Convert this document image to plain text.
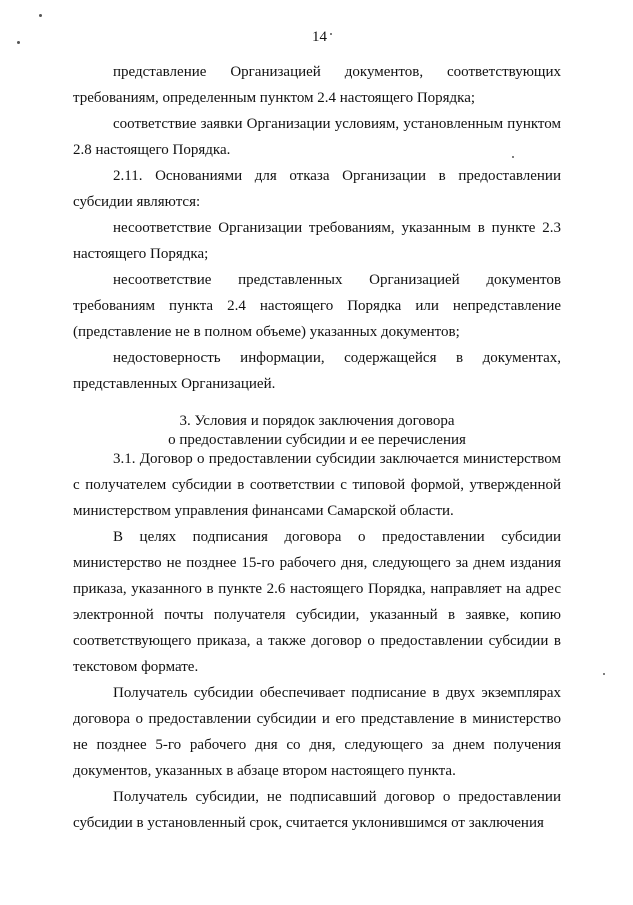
14
представление Организацией документов, соответствующих требованиям, определенным пунктом 2.4 настоящего Порядка;
соответствие заявки Организации условиям, установленным пунктом 2.8 настоящего Порядка.
2.11. Основаниями для отказа Организации в предоставлении субсидии являются:
несоответствие Организации требованиям, указанным в пункте 2.3 настоящего Порядка;
несоответствие представленных Организацией документов требованиям пункта 2.4 настоящего Порядка или непредставление (представление не в полном объеме) указанных документов;
недостоверность информации, содержащейся в документах, представленных Организацией.
3. Условия и порядок заключения договора
о предоставлении субсидии и ее перечисления
3.1. Договор о предоставлении субсидии заключается министерством с получателем субсидии в соответствии с типовой формой, утвержденной министерством управления финансами Самарской области.
В целях подписания договора о предоставлении субсидии министерство не позднее 15-го рабочего дня, следующего за днем издания приказа, указанного в пункте 2.6 настоящего Порядка, направляет на адрес электронной почты получателя субсидии, указанный в заявке, копию соответствующего приказа, а также договор о предоставлении субсидии в текстовом формате.
Получатель субсидии обеспечивает подписание в двух экземплярах договора о предоставлении субсидии и его представление в министерство не позднее 5-го рабочего дня со дня, следующего за днем получения документов, указанных в абзаце втором настоящего пункта.
Получатель субсидии, не подписавший договор о предоставлении субсидии в установленный срок, считается уклонившимся от заключения
